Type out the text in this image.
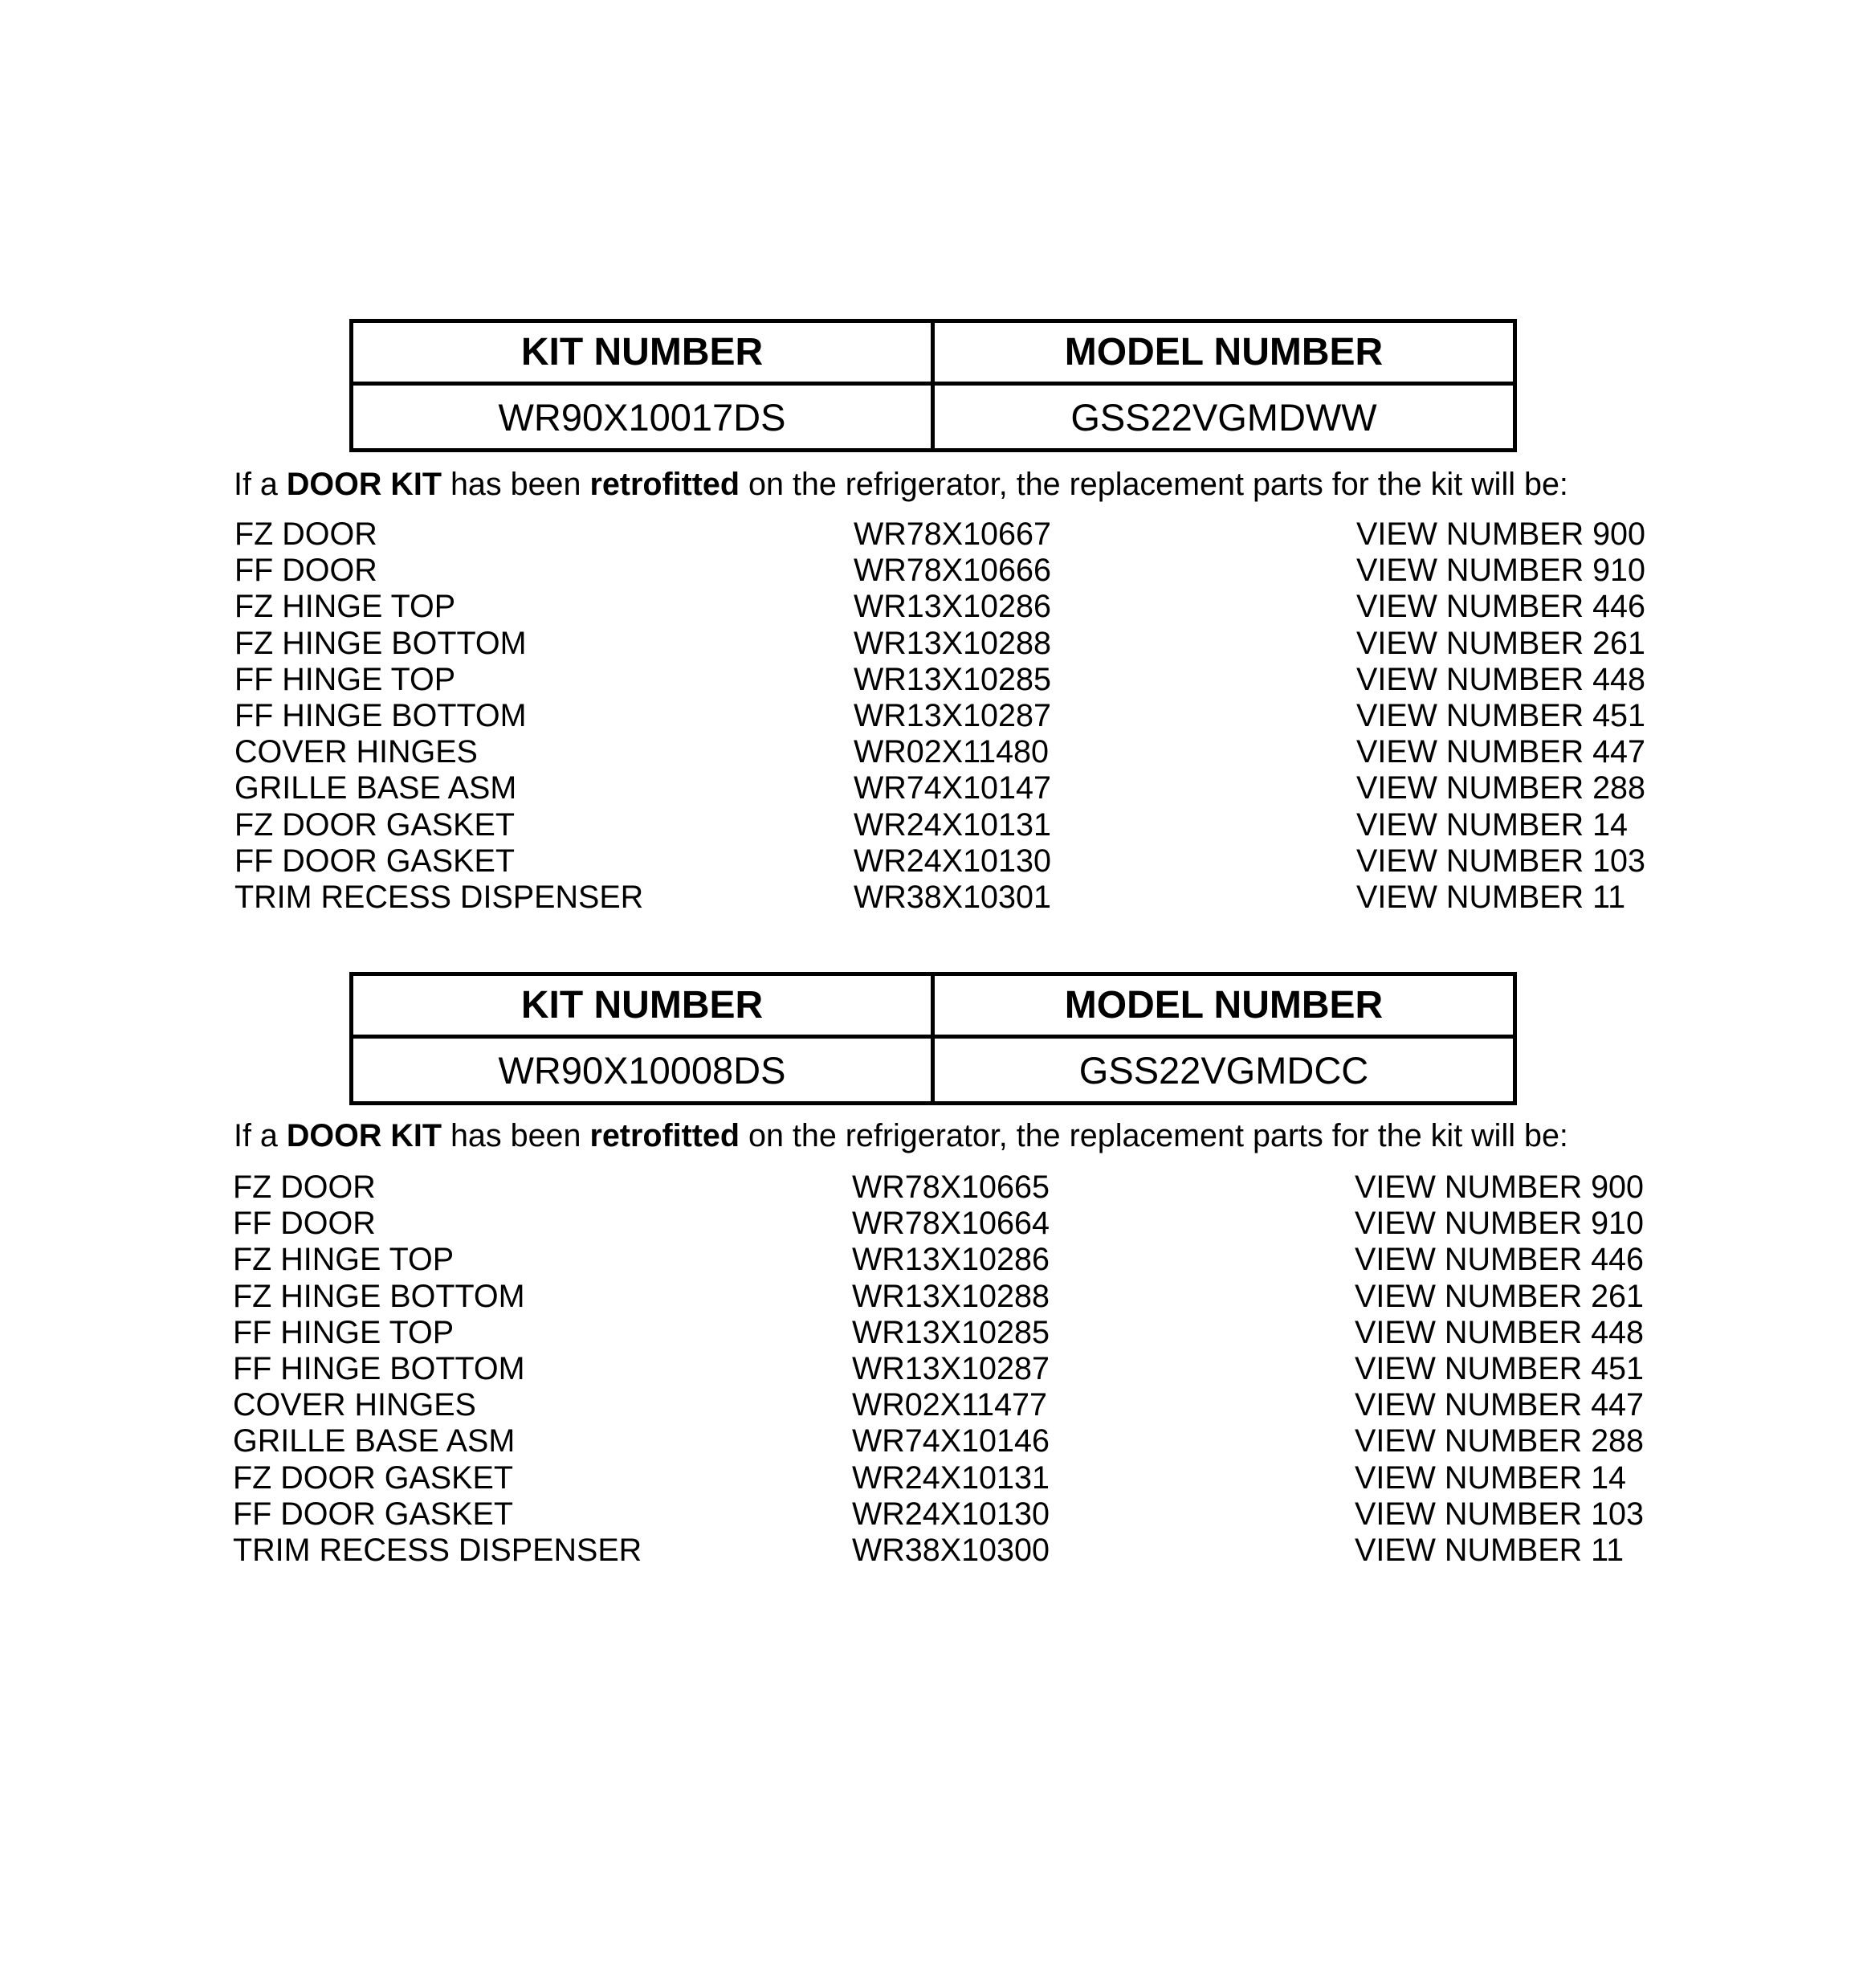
KIT NUMBER	MODEL NUMBER
WR90X10017DS	GSS22VGMDWW
If a DOOR KIT has been retrofitted on the refrigerator, the replacement parts for the kit will be:
FZ DOOR	WR78X10667	VIEW NUMBER 900
FF DOOR	WR78X10666	VIEW NUMBER 910
FZ HINGE TOP	WR13X10286	VIEW NUMBER 446
FZ HINGE BOTTOM	WR13X10288	VIEW NUMBER 261
FF HINGE TOP	WR13X10285	VIEW NUMBER 448
FF HINGE BOTTOM	WR13X10287	VIEW NUMBER 451
COVER HINGES	WR02X11480	VIEW NUMBER 447
GRILLE BASE ASM	WR74X10147	VIEW NUMBER 288
FZ DOOR GASKET	WR24X10131	VIEW NUMBER 14
FF DOOR GASKET	WR24X10130	VIEW NUMBER 103
TRIM RECESS DISPENSER	WR38X10301	VIEW NUMBER 11
KIT NUMBER	MODEL NUMBER
WR90X10008DS	GSS22VGMDCC
If a DOOR KIT has been retrofitted on the refrigerator, the replacement parts for the kit will be:
FZ DOOR	WR78X10665	VIEW NUMBER 900
FF DOOR	WR78X10664	VIEW NUMBER 910
FZ HINGE TOP	WR13X10286	VIEW NUMBER 446
FZ HINGE BOTTOM	WR13X10288	VIEW NUMBER 261
FF HINGE TOP	WR13X10285	VIEW NUMBER 448
FF HINGE BOTTOM	WR13X10287	VIEW NUMBER 451
COVER HINGES	WR02X11477	VIEW NUMBER 447
GRILLE BASE ASM	WR74X10146	VIEW NUMBER 288
FZ DOOR GASKET	WR24X10131	VIEW NUMBER 14
FF DOOR GASKET	WR24X10130	VIEW NUMBER 103
TRIM RECESS DISPENSER	WR38X10300	VIEW NUMBER 11
